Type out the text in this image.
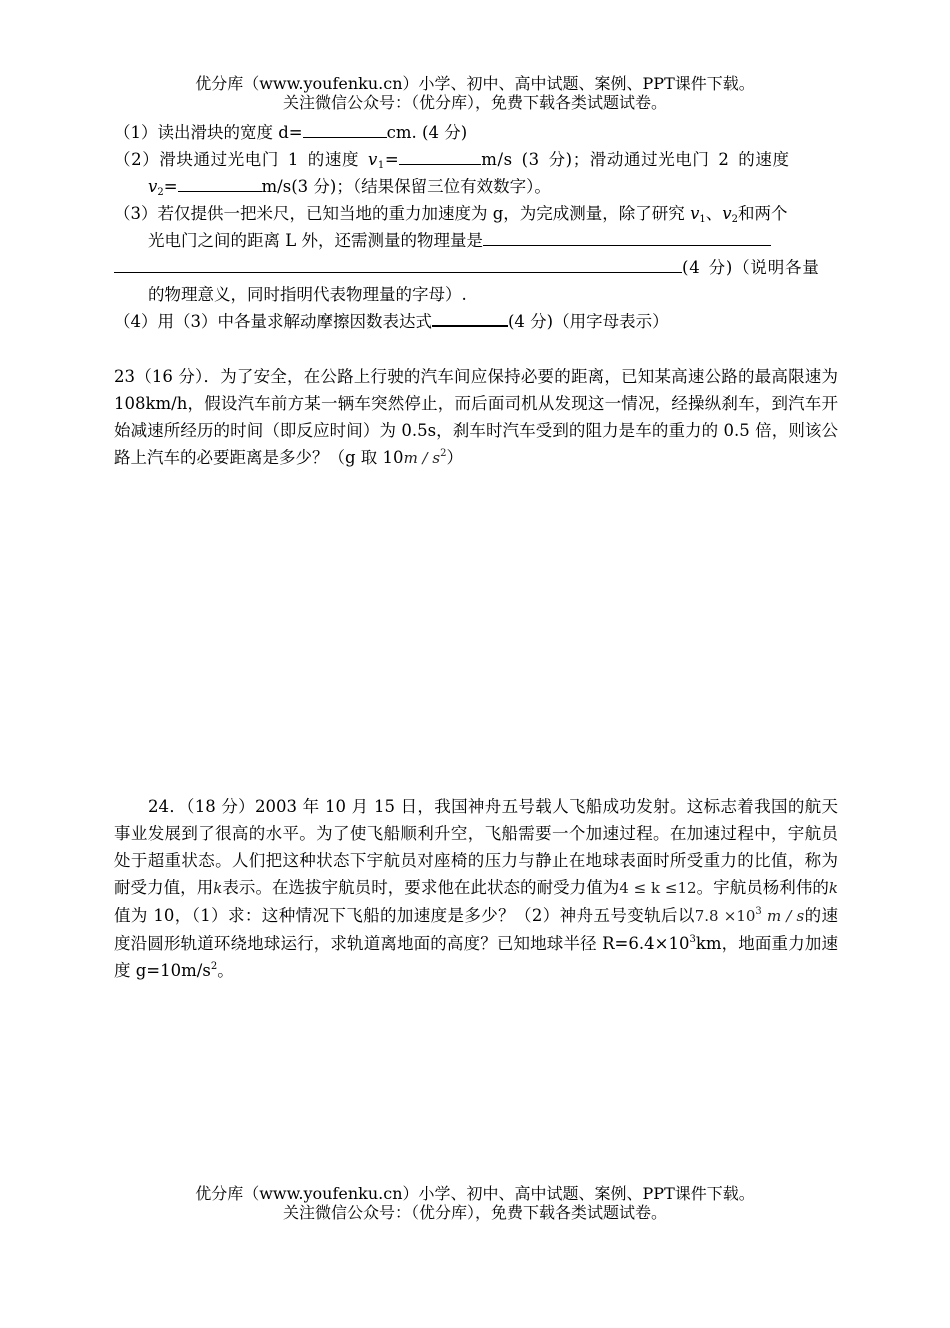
优分库（www.youfenku.cn）小学、初中、高中试题、案例、PPT课件下载。
关注微信公众号：（优分库），免费下载各类试题试卷。
（1）读出滑块的宽度 d=	cm. (4 分)
（2）滑块通过光电门 1 的速度 $v_1=$	m/s (3 分)；滑动通过光电门 2 的速度
$v_2=$	m/s(3 分)；（结果保留三位有效数字）。
（3）若仅提供一把米尺，已知当地的重力加速度为 g，为完成测量，除了研究 $v_1$、$v_2$和两个
光电门之间的距离 L 外，还需测量的物理量是
(4 分)（说明各量
的物理意义，同时指明代表物理量的字母）.
（4）用（3）中各量求解动摩擦因数表达式	(4 分)（用字母表示）
23（16 分）．为了安全，在公路上行驶的汽车间应保持必要的距离，已知某高速公路的最高限速为 108km/h，假设汽车前方某一辆车突然停止，而后面司机从发现这一情况，经操纵刹车，到汽车开始减速所经历的时间（即反应时间）为 0.5s，刹车时汽车受到的阻力是车的重力的 0.5 倍，则该公路上汽车的必要距离是多少？（g 取 $10m / s^2$）
24．（18 分）2003 年 10 月 15 日，我国神舟五号载人飞船成功发射。这标志着我国的航天事业发展到了很高的水平。为了使飞船顺利升空，飞船需要一个加速过程。在加速过程中，宇航员处于超重状态。人们把这种状态下宇航员对座椅的压力与静止在地球表面时所受重力的比值，称为耐受力值，用k表示。在选拔宇航员时，要求他在此状态的耐受力值为4 ≤ k ≤12。宇航员杨利伟的k值为 10，（1）求：这种情况下飞船的加速度是多少？（2）神舟五号变轨后以$7.8 \times 10^3$ m / s的速度沿圆形轨道环绕地球运行，求轨道离地面的高度？已知地球半径 $R=6.4\times 10^3km$，地面重力加速度 $g=10m/s^2$。
优分库（www.youfenku.cn）小学、初中、高中试题、案例、PPT课件下载。
关注微信公众号：（优分库），免费下载各类试题试卷。
